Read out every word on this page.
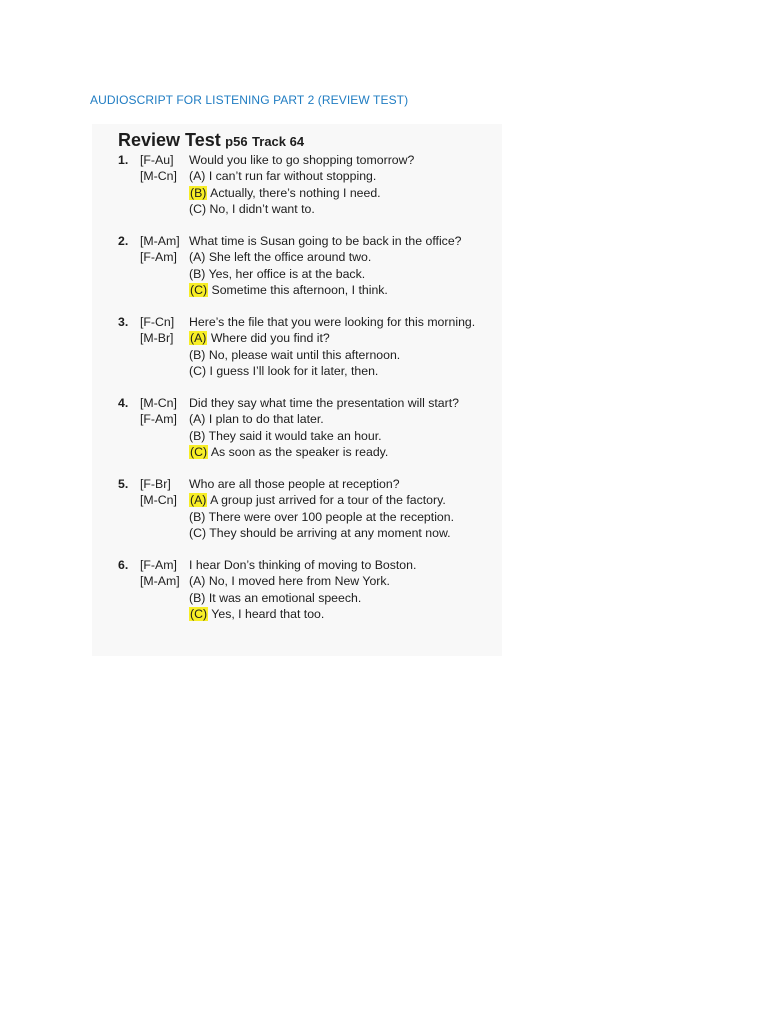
AUDIOSCRIPT FOR LISTENING PART 2 (REVIEW TEST)
Review Test p56 Track 64
1. [F-Au] Would you like to go shopping tomorrow?
[M-Cn] (A) I can’t run far without stopping.
(B) Actually, there’s nothing I need.
(C) No, I didn’t want to.
2. [M-Am] What time is Susan going to be back in the office?
[F-Am] (A) She left the office around two.
(B) Yes, her office is at the back.
(C) Sometime this afternoon, I think.
3. [F-Cn] Here’s the file that you were looking for this morning.
[M-Br] (A) Where did you find it?
(B) No, please wait until this afternoon.
(C) I guess I’ll look for it later, then.
4. [M-Cn] Did they say what time the presentation will start?
[F-Am] (A) I plan to do that later.
(B) They said it would take an hour.
(C) As soon as the speaker is ready.
5. [F-Br] Who are all those people at reception?
[M-Cn] (A) A group just arrived for a tour of the factory.
(B) There were over 100 people at the reception.
(C) They should be arriving at any moment now.
6. [F-Am] I hear Don’s thinking of moving to Boston.
[M-Am] (A) No, I moved here from New York.
(B) It was an emotional speech.
(C) Yes, I heard that too.
